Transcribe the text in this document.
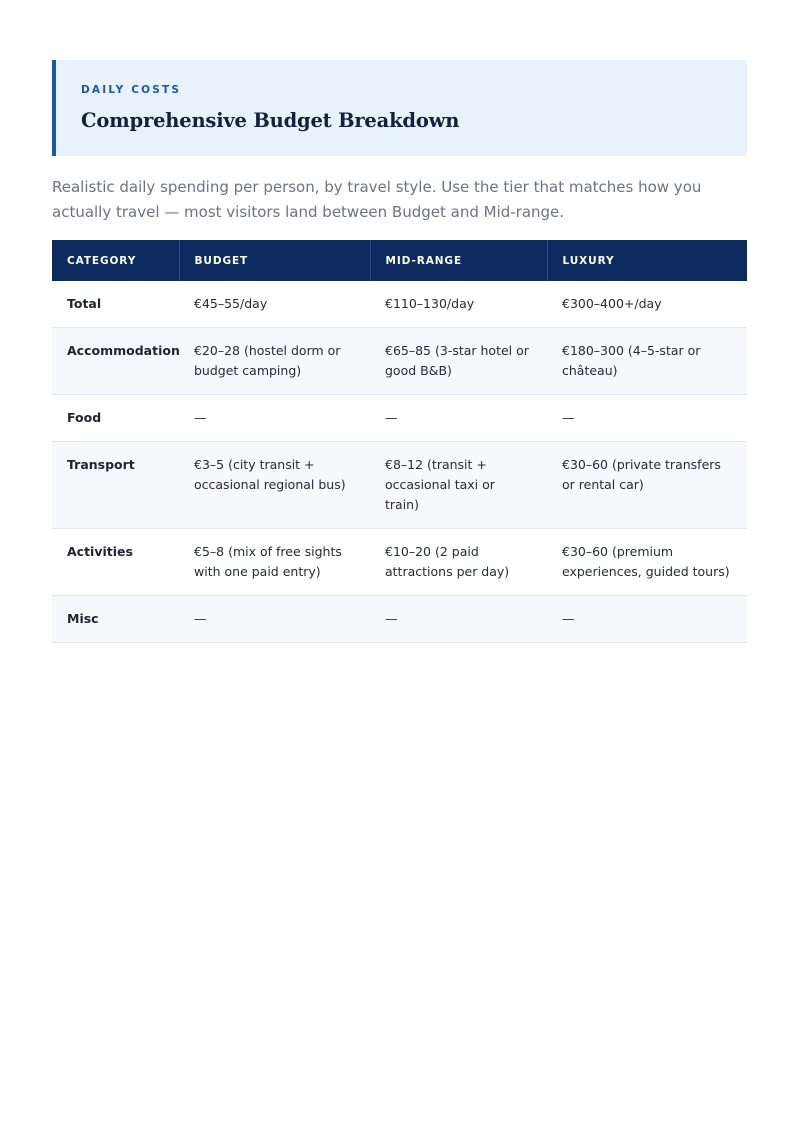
DAILY COSTS
Comprehensive Budget Breakdown
Realistic daily spending per person, by travel style. Use the tier that matches how you actually travel — most visitors land between Budget and Mid-range.
CATEGORY	BUDGET	MID-RANGE	LUXURY
Total	€45–55/day	€110–130/day	€300–400+/day
Accommodation	€20–28 (hostel dorm or budget camping)	€65–85 (3-star hotel or good B&B)	€180–300 (4–5-star or château)
Food	—	—	—
Transport	€3–5 (city transit + occasional regional bus)	€8–12 (transit + occasional taxi or train)	€30–60 (private transfers or rental car)
Activities	€5–8 (mix of free sights with one paid entry)	€10–20 (2 paid attractions per day)	€30–60 (premium experiences, guided tours)
Misc	—	—	—
